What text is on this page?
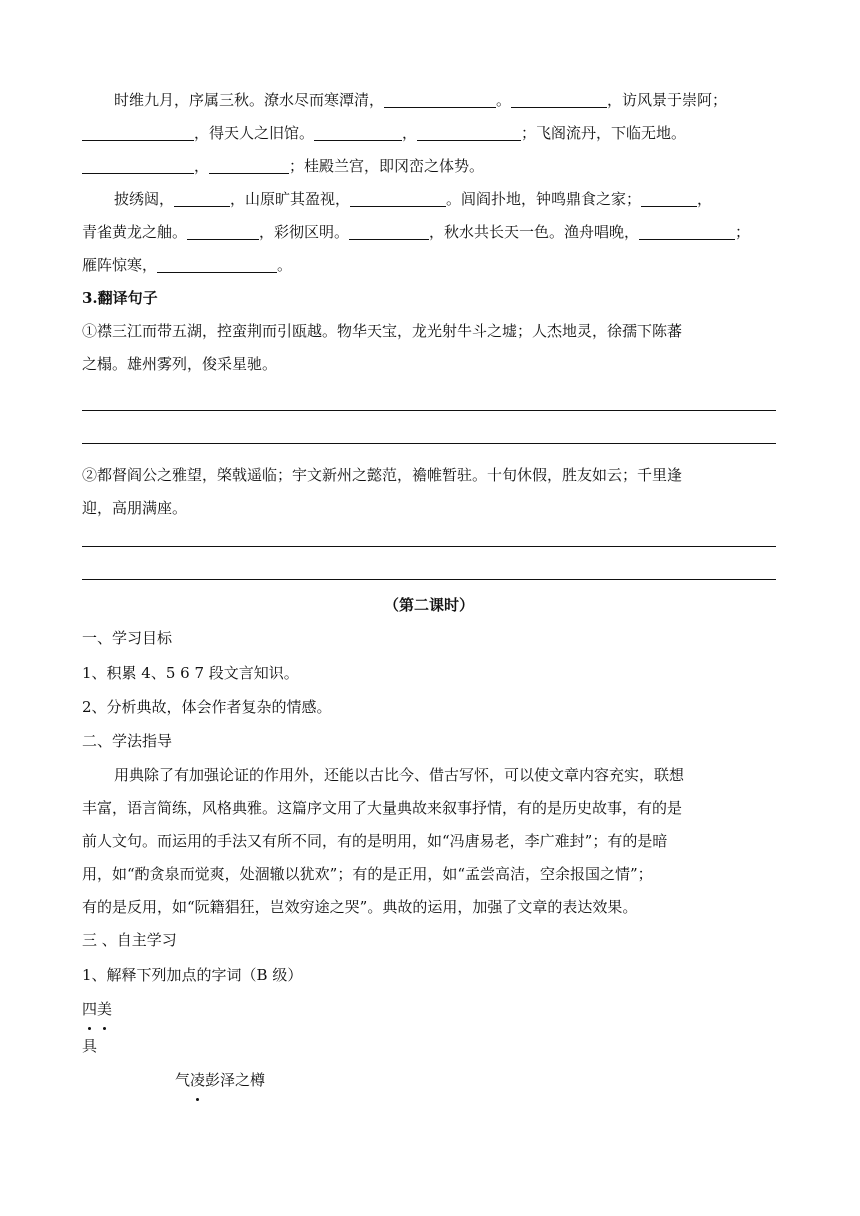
时维九月，序属三秋。潦水尽而寒潭清，	。	，访风景于崇阿；
，得天人之旧馆。	，	；飞阁流丹，下临无地。
，	；桂殿兰宫，即冈峦之体势。

披绣闼，	，山原旷其盈视，	。闾阎扑地，钟鸣鼎食之家；	，
青雀黄龙之舳。	，彩彻区明。	，秋水共长天一色。渔舟唱晚，	；
雁阵惊寒，	。

3.翻译句子

①襟三江而带五湖，控蛮荆而引瓯越。物华天宝，龙光射牛斗之墟；人杰地灵，徐孺下陈蕃
之榻。雄州雾列，俊采星驰。

②都督阎公之雅望，棨戟遥临；宇文新州之懿范，襜帷暂驻。十旬休假，胜友如云；千里逢
迎，高朋满座。

（第二课时）

一、学习目标

1、积累 4、5 6 7 段文言知识。

2、分析典故，体会作者复杂的情感。

二、学法指导

用典除了有加强论证的作用外，还能以古比今、借古写怀，可以使文章内容充实，联想
丰富，语言简练，风格典雅。这篇序文用了大量典故来叙事抒情，有的是历史故事，有的是

前人文句。而运用的手法又有所不同，有的是明用，如“冯唐易老，李广难封”；有的是暗
用，如“酌贪泉而觉爽，处涸辙以犹欢”；有的是正用，如“孟尝高洁，空余报国之情”；
有的是反用，如“阮籍猖狂，岂效穷途之哭”。典故的运用，加强了文章的表达效果。

三 、自主学习

1、解释下列加点的字词（B 级）

四美

具

气凌彭泽之樽
